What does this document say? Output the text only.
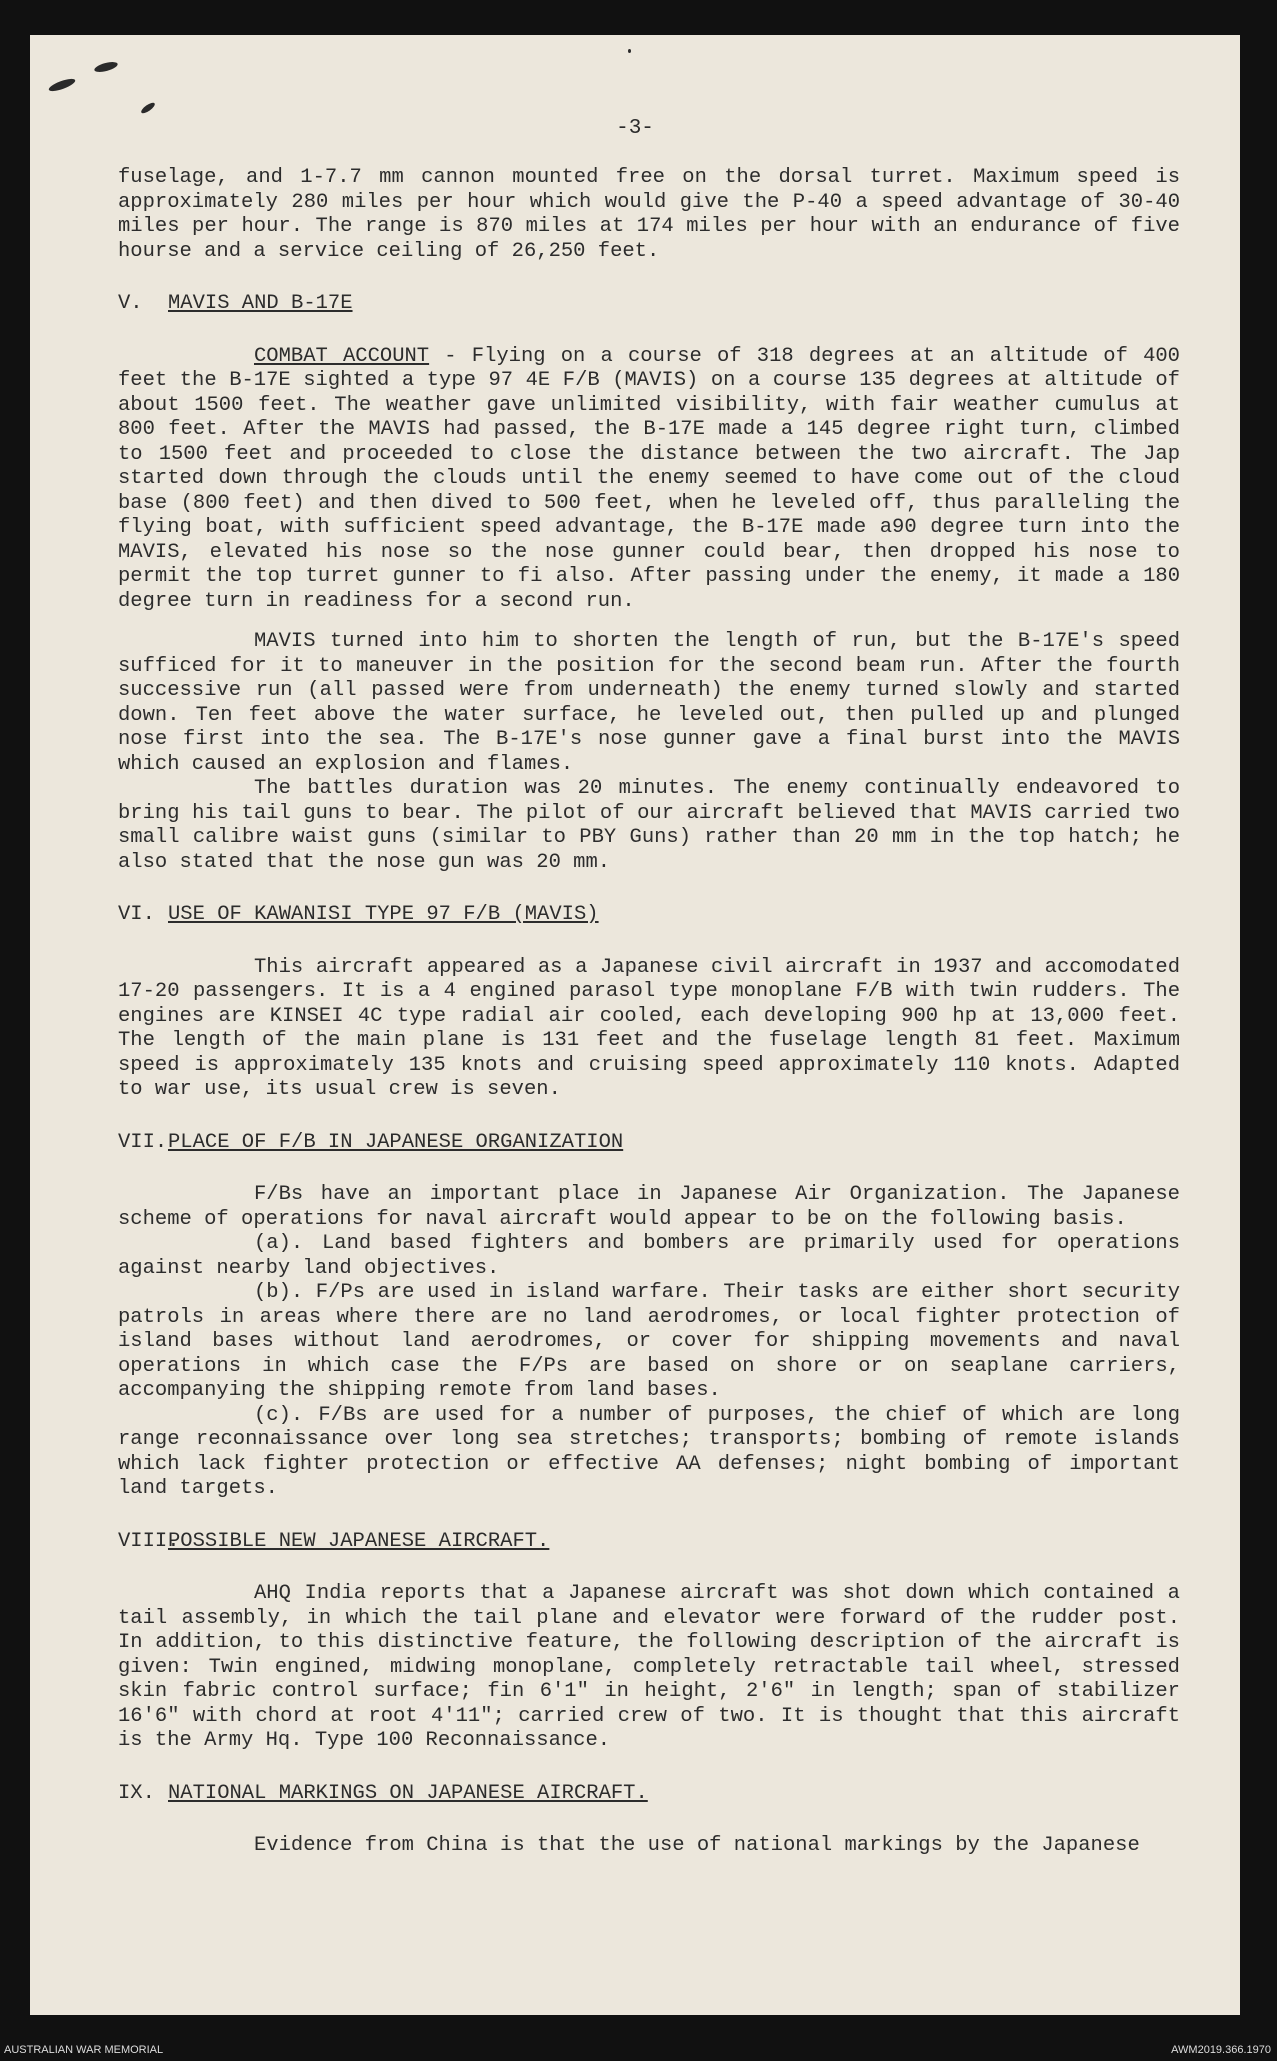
-3-

fuselage, and 1-7.7 mm cannon mounted free on the dorsal turret. Maximum speed is approximately 280 miles per hour which would give the P-40 a speed advantage of 30-40 miles per hour. The range is 870 miles at 174 miles per hour with an endurance of five hourse and a service ceiling of 26,250 feet.

V. MAVIS AND B-17E

COMBAT ACCOUNT - Flying on a course of 318 degrees at an altitude of 400 feet the B-17E sighted a type 97 4E F/B (MAVIS) on a course 135 degrees at altitude of about 1500 feet. The weather gave unlimited visibility, with fair weather cumulus at 800 feet. After the MAVIS had passed, the B-17E made a 145 degree right turn, climbed to 1500 feet and proceeded to close the distance between the two aircraft. The Jap started down through the clouds until the enemy seemed to have come out of the cloud base (800 feet) and then dived to 500 feet, when he leveled off, thus paralleling the flying boat, with sufficient speed advantage, the B-17E made a90 degree turn into the MAVIS, elevated his nose so the nose gunner could bear, then dropped his nose to permit the top turret gunner to fi also. After passing under the enemy, it made a 180 degree turn in readiness for a second run.

MAVIS turned into him to shorten the length of run, but the B-17E's speed sufficed for it to maneuver in the position for the second beam run. After the fourth successive run (all passed were from underneath) the enemy turned slowly and started down. Ten feet above the water surface, he leveled out, then pulled up and plunged nose first into the sea. The B-17E's nose gunner gave a final burst into the MAVIS which caused an explosion and flames.

The battles duration was 20 minutes. The enemy continually endeavored to bring his tail guns to bear. The pilot of our aircraft believed that MAVIS carried two small calibre waist guns (similar to PBY Guns) rather than 20 mm in the top hatch; he also stated that the nose gun was 20 mm.

VI. USE OF KAWANISI TYPE 97 F/B (MAVIS)

This aircraft appeared as a Japanese civil aircraft in 1937 and accomodated 17-20 passengers. It is a 4 engined parasol type monoplane F/B with twin rudders. The engines are KINSEI 4C type radial air cooled, each developing 900 hp at 13,000 feet. The length of the main plane is 131 feet and the fuselage length 81 feet. Maximum speed is approximately 135 knots and cruising speed approximately 110 knots. Adapted to war use, its usual crew is seven.

VII.PLACE OF F/B IN JAPANESE ORGANIZATION

F/Bs have an important place in Japanese Air Organization. The Japanese scheme of operations for naval aircraft would appear to be on the following basis.

(a). Land based fighters and bombers are primarily used for operations against nearby land objectives.

(b). F/Ps are used in island warfare. Their tasks are either short security patrols in areas where there are no land aerodromes, or local fighter protection of island bases without land aerodromes, or cover for shipping movements and naval operations in which case the F/Ps are based on shore or on seaplane carriers, accompanying the shipping remote from land bases.

(c). F/Bs are used for a number of purposes, the chief of which are long range reconnaissance over long sea stretches; transports; bombing of remote islands which lack fighter protection or effective AA defenses; night bombing of important land targets.

VIII.POSSIBLE NEW JAPANESE AIRCRAFT.

AHQ India reports that a Japanese aircraft was shot down which contained a tail assembly, in which the tail plane and elevator were forward of the rudder post. In addition, to this distinctive feature, the following description of the aircraft is given: Twin engined, midwing monoplane, completely retractable tail wheel, stressed skin fabric control surface; fin 6'1" in height, 2'6" in length; span of stabilizer 16'6" with chord at root 4'11"; carried crew of two. It is thought that this aircraft is the Army Hq. Type 100 Reconnaissance.

IX. NATIONAL MARKINGS ON JAPANESE AIRCRAFT.

Evidence from China is that the use of national markings by the Japanese

AUSTRALIAN WAR MEMORIAL	AWM2019.366.1970
